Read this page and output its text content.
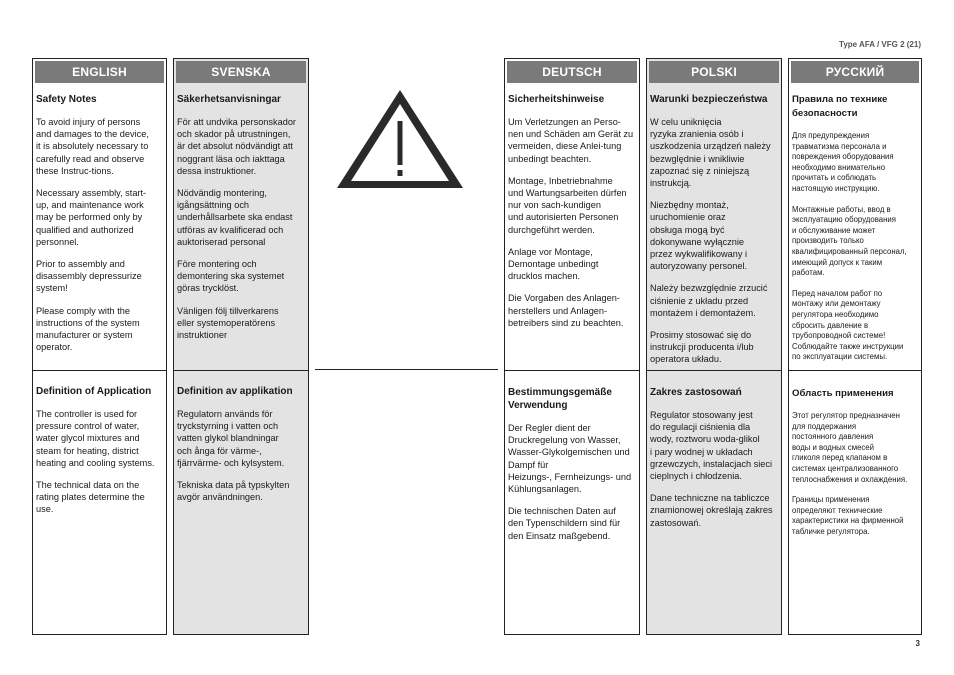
Type AFA / VFG 2 (21)
ENGLISH
Safety Notes

To avoid injury of persons
and damages to the device,
it is absolutely necessary to
carefully read and observe
these Instruc-tions.

Necessary assembly, start-
up, and maintenance work
may be performed only by
qualified and authorized
personnel.

Prior to assembly and
disassembly depressurize
system!

Please comply with the
instructions of the system
manufacturer or system
operator.

Definition of Application

The controller is used for
pressure control of water,
water glycol mixtures and
steam for heating, district
heating and cooling systems.

The technical data on the
rating plates determine the
use.

SVENSKA
Säkerhetsanvisningar

För att undvika personskador
och skador på utrustningen,
är det absolut nödvändigt att
noggrant läsa och iakttaga
dessa instruktioner.

Nödvändig montering,
igångsättning och
underhållsarbete ska endast
utföras av kvalificerad och
auktoriserad personal

Före montering och
demontering ska systemet
göras trycklöst.

Vänligen följ tillverkarens
eller systemoperatörens
instruktioner

Definition av applikation

Regulatorn används för
tryckstyrning i vatten och
vatten glykol blandningar
och ånga för värme-,
fjärrvärme- och kylsystem.

Tekniska data på typskylten
avgör användningen.

DEUTSCH
Sicherheitshinweise

Um Verletzungen an Perso-
nen und Schäden am Gerät zu
vermeiden, diese Anlei-tung
unbedingt beachten.

Montage, Inbetriebnahme
und Wartungsarbeiten dürfen
nur von sach-kundigen
und autorisierten Personen
durchgeführt werden.

Anlage vor Montage,
Demontage unbedingt
drucklos machen.

Die Vorgaben des Anlagen-
herstellers und Anlagen-
betreibers sind zu beachten.

Bestimmungsgemäße
Verwendung

Der Regler dient der
Druckregelung von Wasser,
Wasser-Glykolgemischen und
Dampf für
Heizungs-, Fernheizungs- und
Kühlungsanlagen.

Die technischen Daten auf
den Typenschildern sind für
den Einsatz maßgebend.

POLSKI
Warunki bezpieczeństwa

W celu uniknięcia
ryzyka zranienia osób i
uszkodzenia urządzeń należy
bezwględnie i wnikliwie
zapoznać się z niniejszą
instrukcją.

Niezbędny montaż,
uruchomienie oraz
obsługa mogą być
dokonywane wyłącznie
przez wykwalifikowany i
autoryzowany personel.

Należy bezwzględnie zrzucić
ciśnienie z układu przed
montażem i demontażem.

Prosimy stosować się do
instrukcji producenta i/lub
operatora układu.

Zakres zastosowań

Regulator stosowany jest
do regulacji ciśnienia dla
wody, roztworu woda-glikol
i pary wodnej w układach
grzewczych, instalacjach sieci
cieplnych i chłodzenia.

Dane techniczne na tabliczce
znamionowej określają zakres
zastosowań.

РУССКИЙ
Правила по технике
безопасности

Для предупреждения
травматизма персонала и
повреждения оборудования
необходимо внимательно
прочитать и соблюдать
настоящую инструкцию.

Монтажные работы, ввод в
эксплуатацию оборудования
и обслуживание может
производить только
квалифицированный персонал,
имеющий допуск к таким
работам.

Перед началом работ по
монтажу или демонтажу
регулятора необходимо
сбросить давление в
трубопроводной системе!
Соблюдайте также инструкции
по эксплуатации системы.

Область применения

Этот регулятор предназначен
для поддержания
постоянного давления
воды и водных смесей
гликоля перед клапаном в
системах централизованного
теплоснабжения и охлаждения.

Границы применения
определяют технические
характеристики на фирменной
табличке регулятора.

3
